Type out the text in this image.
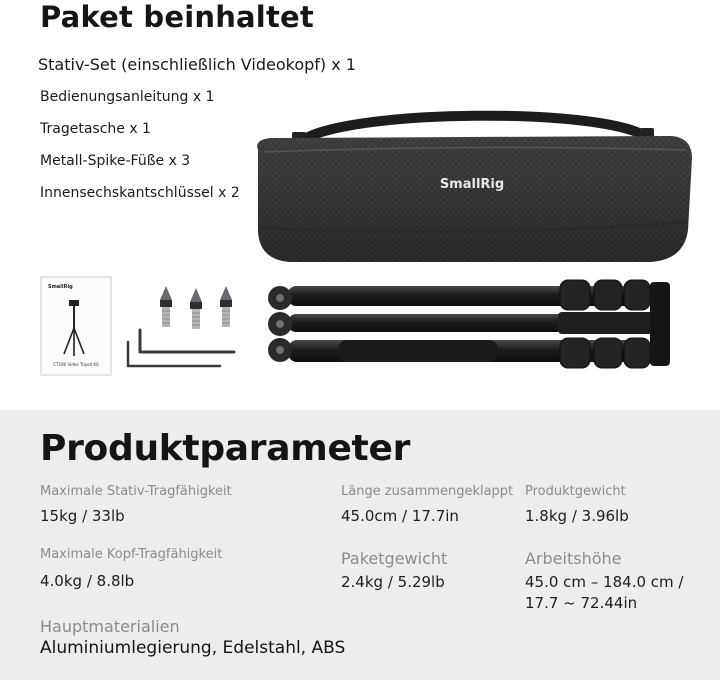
Paket beinhaltet
Stativ-Set (einschließlich Videokopf) x 1
Bedienungsanleitung x 1
Tragetasche x 1
Metall-Spike-Füße x 3
Innensechskantschlüssel x 2
SmallRig
SmallRig
CT190 Video Tripod Kit
Produktparameter
Maximale Stativ-Tragfähigkeit
15kg / 33lb
Länge zusammengeklappt
45.0cm / 17.7in
Produktgewicht
1.8kg / 3.96lb
Maximale Kopf-Tragfähigkeit
4.0kg / 8.8lb
Paketgewicht
2.4kg / 5.29lb
Arbeitshöhe
45.0 cm – 184.0 cm /
17.7 ~ 72.44in
Hauptmaterialien
Aluminiumlegierung, Edelstahl, ABS
